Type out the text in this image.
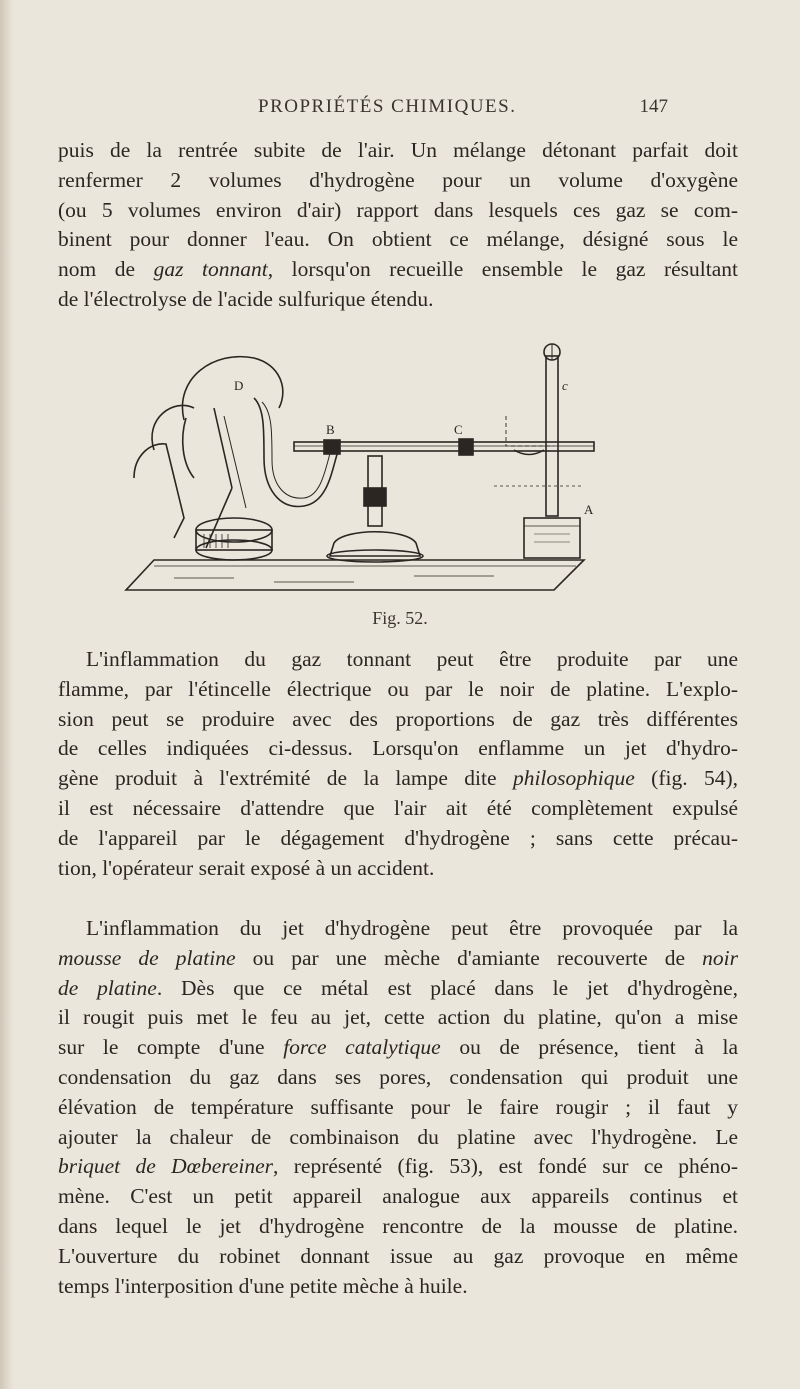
PROPRIÉTÉS CHIMIQUES.	147
puis de la rentrée subite de l'air. Un mélange détonant parfait doit
renfermer 2 volumes d'hydrogène pour un volume d'oxygène
(ou 5 volumes environ d'air) rapport dans lesquels ces gaz se com-
binent pour donner l'eau. On obtient ce mélange, désigné sous le
nom de gaz tonnant, lorsqu'on recueille ensemble le gaz résultant
de l'électrolyse de l'acide sulfurique étendu.
B
D
C
c
A
Fig. 52.
L'inflammation du gaz tonnant peut être produite par une
flamme, par l'étincelle électrique ou par le noir de platine. L'explo-
sion peut se produire avec des proportions de gaz très différentes
de celles indiquées ci-dessus. Lorsqu'on enflamme un jet d'hydro-
gène produit à l'extrémité de la lampe dite philosophique (fig. 54),
il est nécessaire d'attendre que l'air ait été complètement expulsé
de l'appareil par le dégagement d'hydrogène ; sans cette précau-
tion, l'opérateur serait exposé à un accident.
L'inflammation du jet d'hydrogène peut être provoquée par la
mousse de platine ou par une mèche d'amiante recouverte de noir
de platine. Dès que ce métal est placé dans le jet d'hydrogène,
il rougit puis met le feu au jet, cette action du platine, qu'on a mise
sur le compte d'une force catalytique ou de présence, tient à la
condensation du gaz dans ses pores, condensation qui produit une
élévation de température suffisante pour le faire rougir ; il faut y
ajouter la chaleur de combinaison du platine avec l'hydrogène. Le
briquet de Dœbereiner, représenté (fig. 53), est fondé sur ce phéno-
mène. C'est un petit appareil analogue aux appareils continus et
dans lequel le jet d'hydrogène rencontre de la mousse de platine.
L'ouverture du robinet donnant issue au gaz provoque en même
temps l'interposition d'une petite mèche à huile.
